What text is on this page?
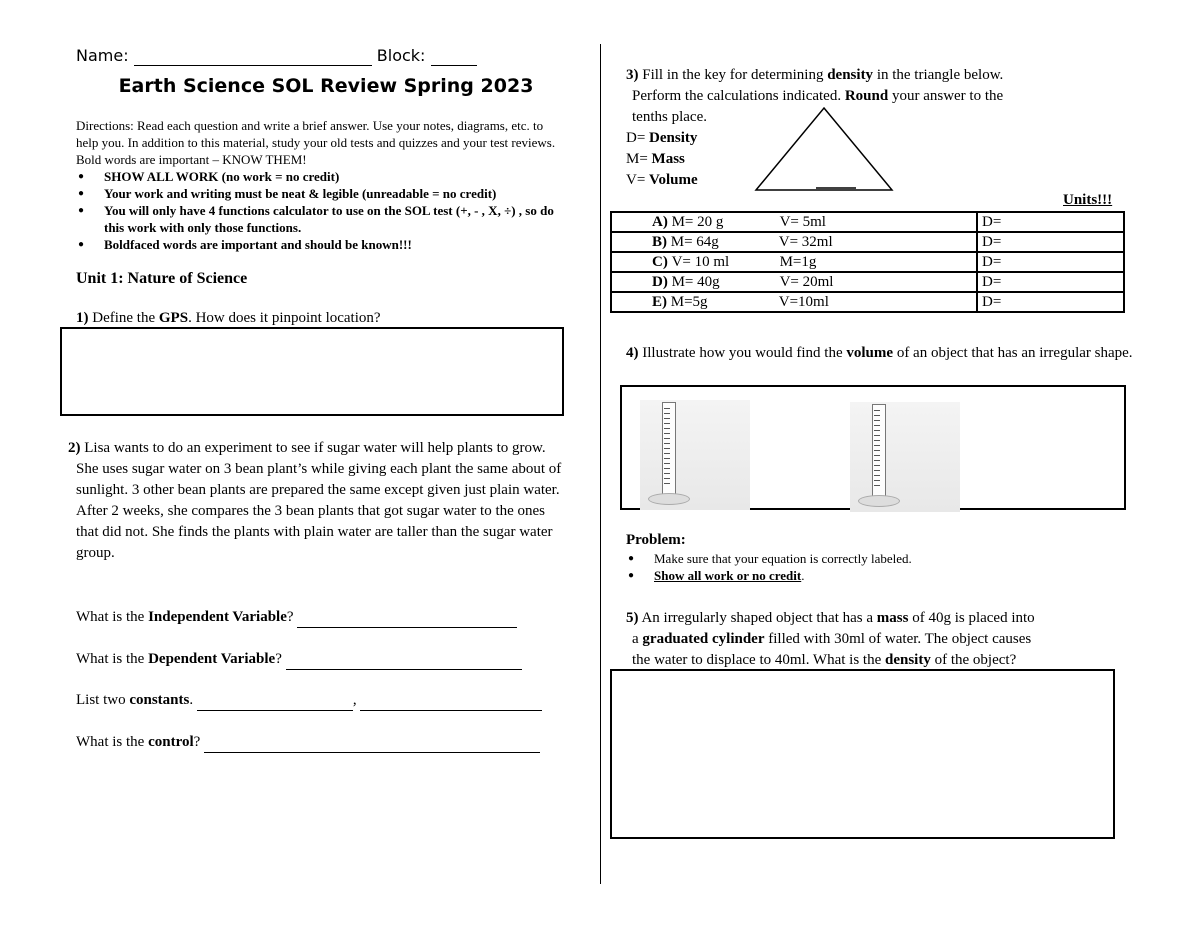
Name:	Block:
Earth Science SOL Review Spring 2023
Directions: Read each question and write a brief answer. Use your notes, diagrams, etc. to help you. In addition to this material, study your old tests and quizzes and your test reviews. Bold words are important – KNOW THEM!
● SHOW ALL WORK (no work = no credit)
● Your work and writing must be neat & legible (unreadable = no credit)
● You will only have 4 functions calculator to use on the SOL test (+, - , X, ÷) , so do this work with only those functions.
● Boldfaced words are important and should be known!!!
Unit 1: Nature of Science
1) Define the GPS. How does it pinpoint location?
2) Lisa wants to do an experiment to see if sugar water will help plants to grow.
She uses sugar water on 3 bean plant’s while giving each plant the same about of sunlight. 3 other bean plants are prepared the same except given just plain water. After 2 weeks, she compares the 3 bean plants that got sugar water to the ones that did not. She finds the plants with plain water are taller than the sugar water group.
What is the Independent Variable?
What is the Dependent Variable?
List two constants.	,
What is the control?
3) Fill in the key for determining density in the triangle below.
Perform the calculations indicated. Round your answer to the
tenths place.
D= Density
M= Mass
V= Volume
Units!!!
A) M= 20 g V= 5ml	D=
B) M= 64g V= 32ml	D=
C) V= 10 ml M=1g	D=
D) M= 40g V= 20ml	D=
E) M=5g V=10ml	D=
4) Illustrate how you would find the volume of an object that has an irregular shape.
Problem:
● Make sure that your equation is correctly labeled.
● Show all work or no credit.
5) An irregularly shaped object that has a mass of 40g is placed into
a graduated cylinder filled with 30ml of water. The object causes
the water to displace to 40ml. What is the density of the object?
